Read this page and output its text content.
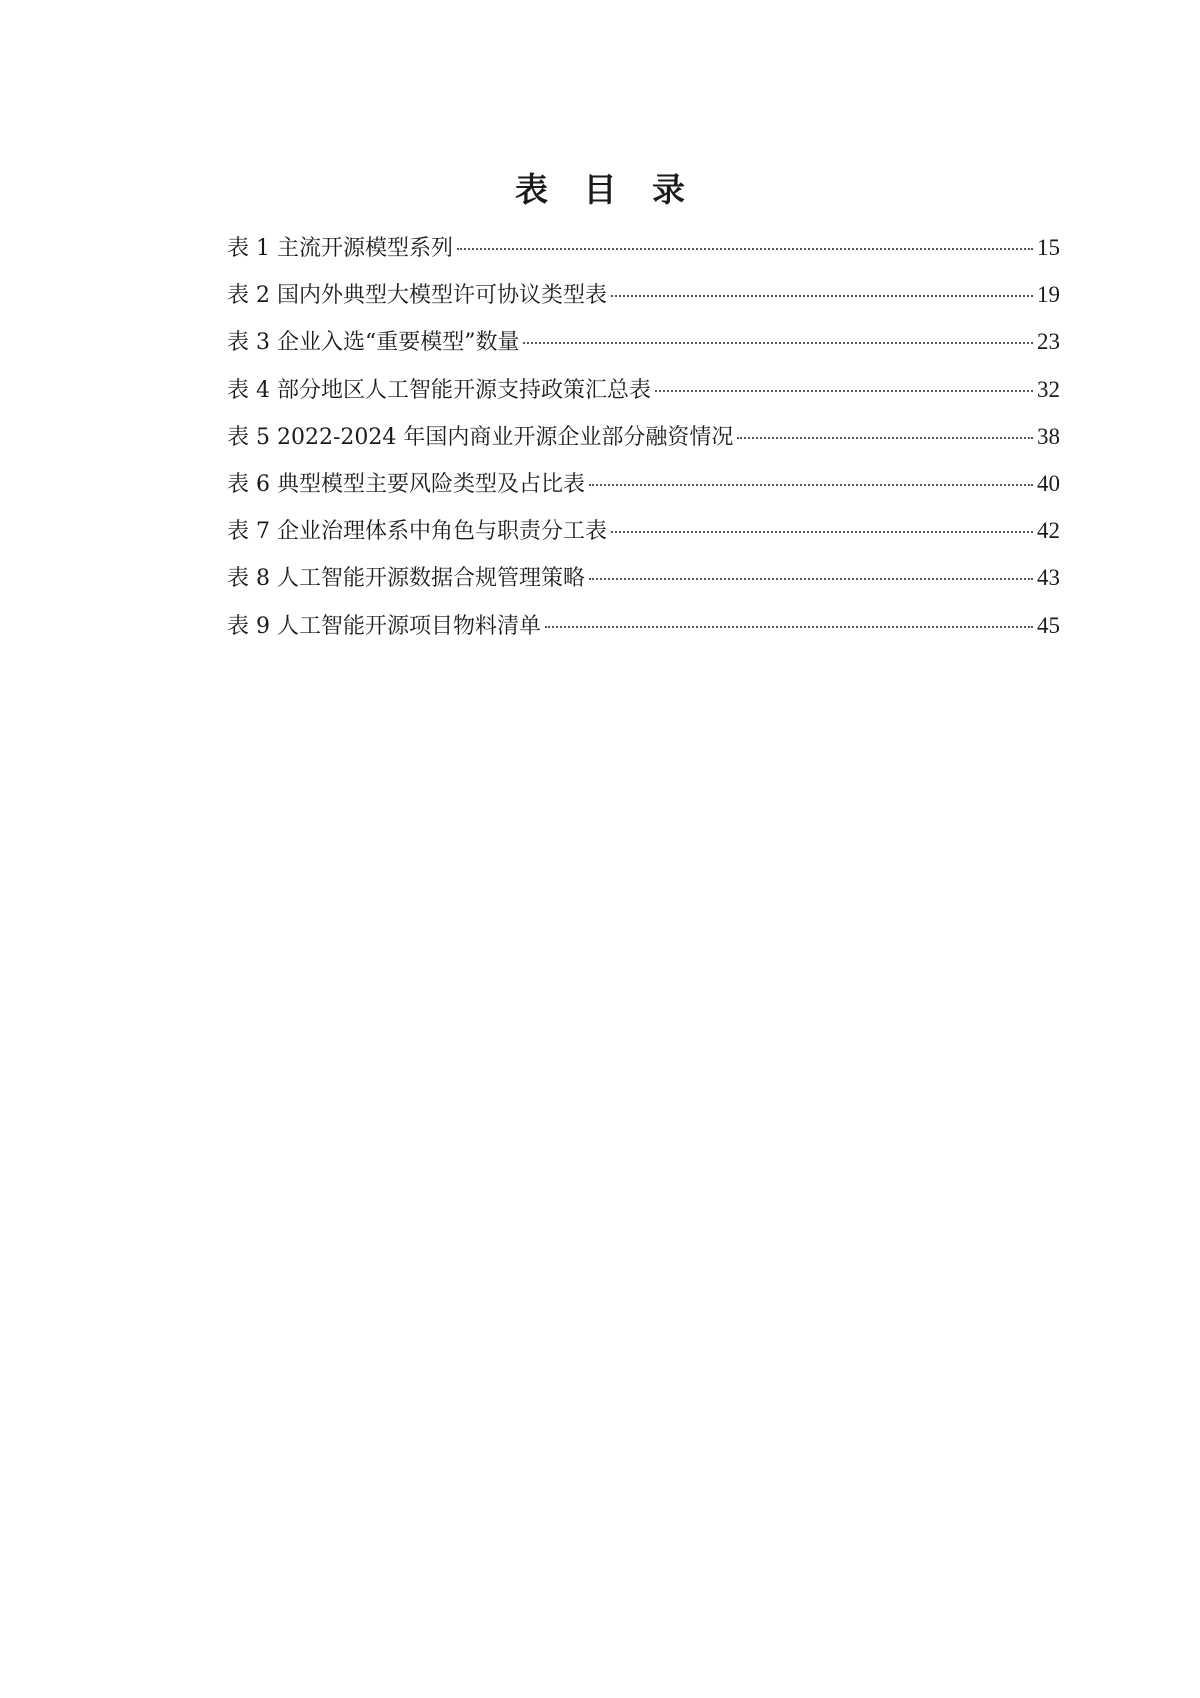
表 目 录
表 1 主流开源模型系列	15
表 2 国内外典型大模型许可协议类型表	19
表 3 企业入选“重要模型”数量	23
表 4 部分地区人工智能开源支持政策汇总表	32
表 5 2022-2024 年国内商业开源企业部分融资情况	38
表 6 典型模型主要风险类型及占比表	40
表 7 企业治理体系中角色与职责分工表	42
表 8 人工智能开源数据合规管理策略	43
表 9 人工智能开源项目物料清单	45
